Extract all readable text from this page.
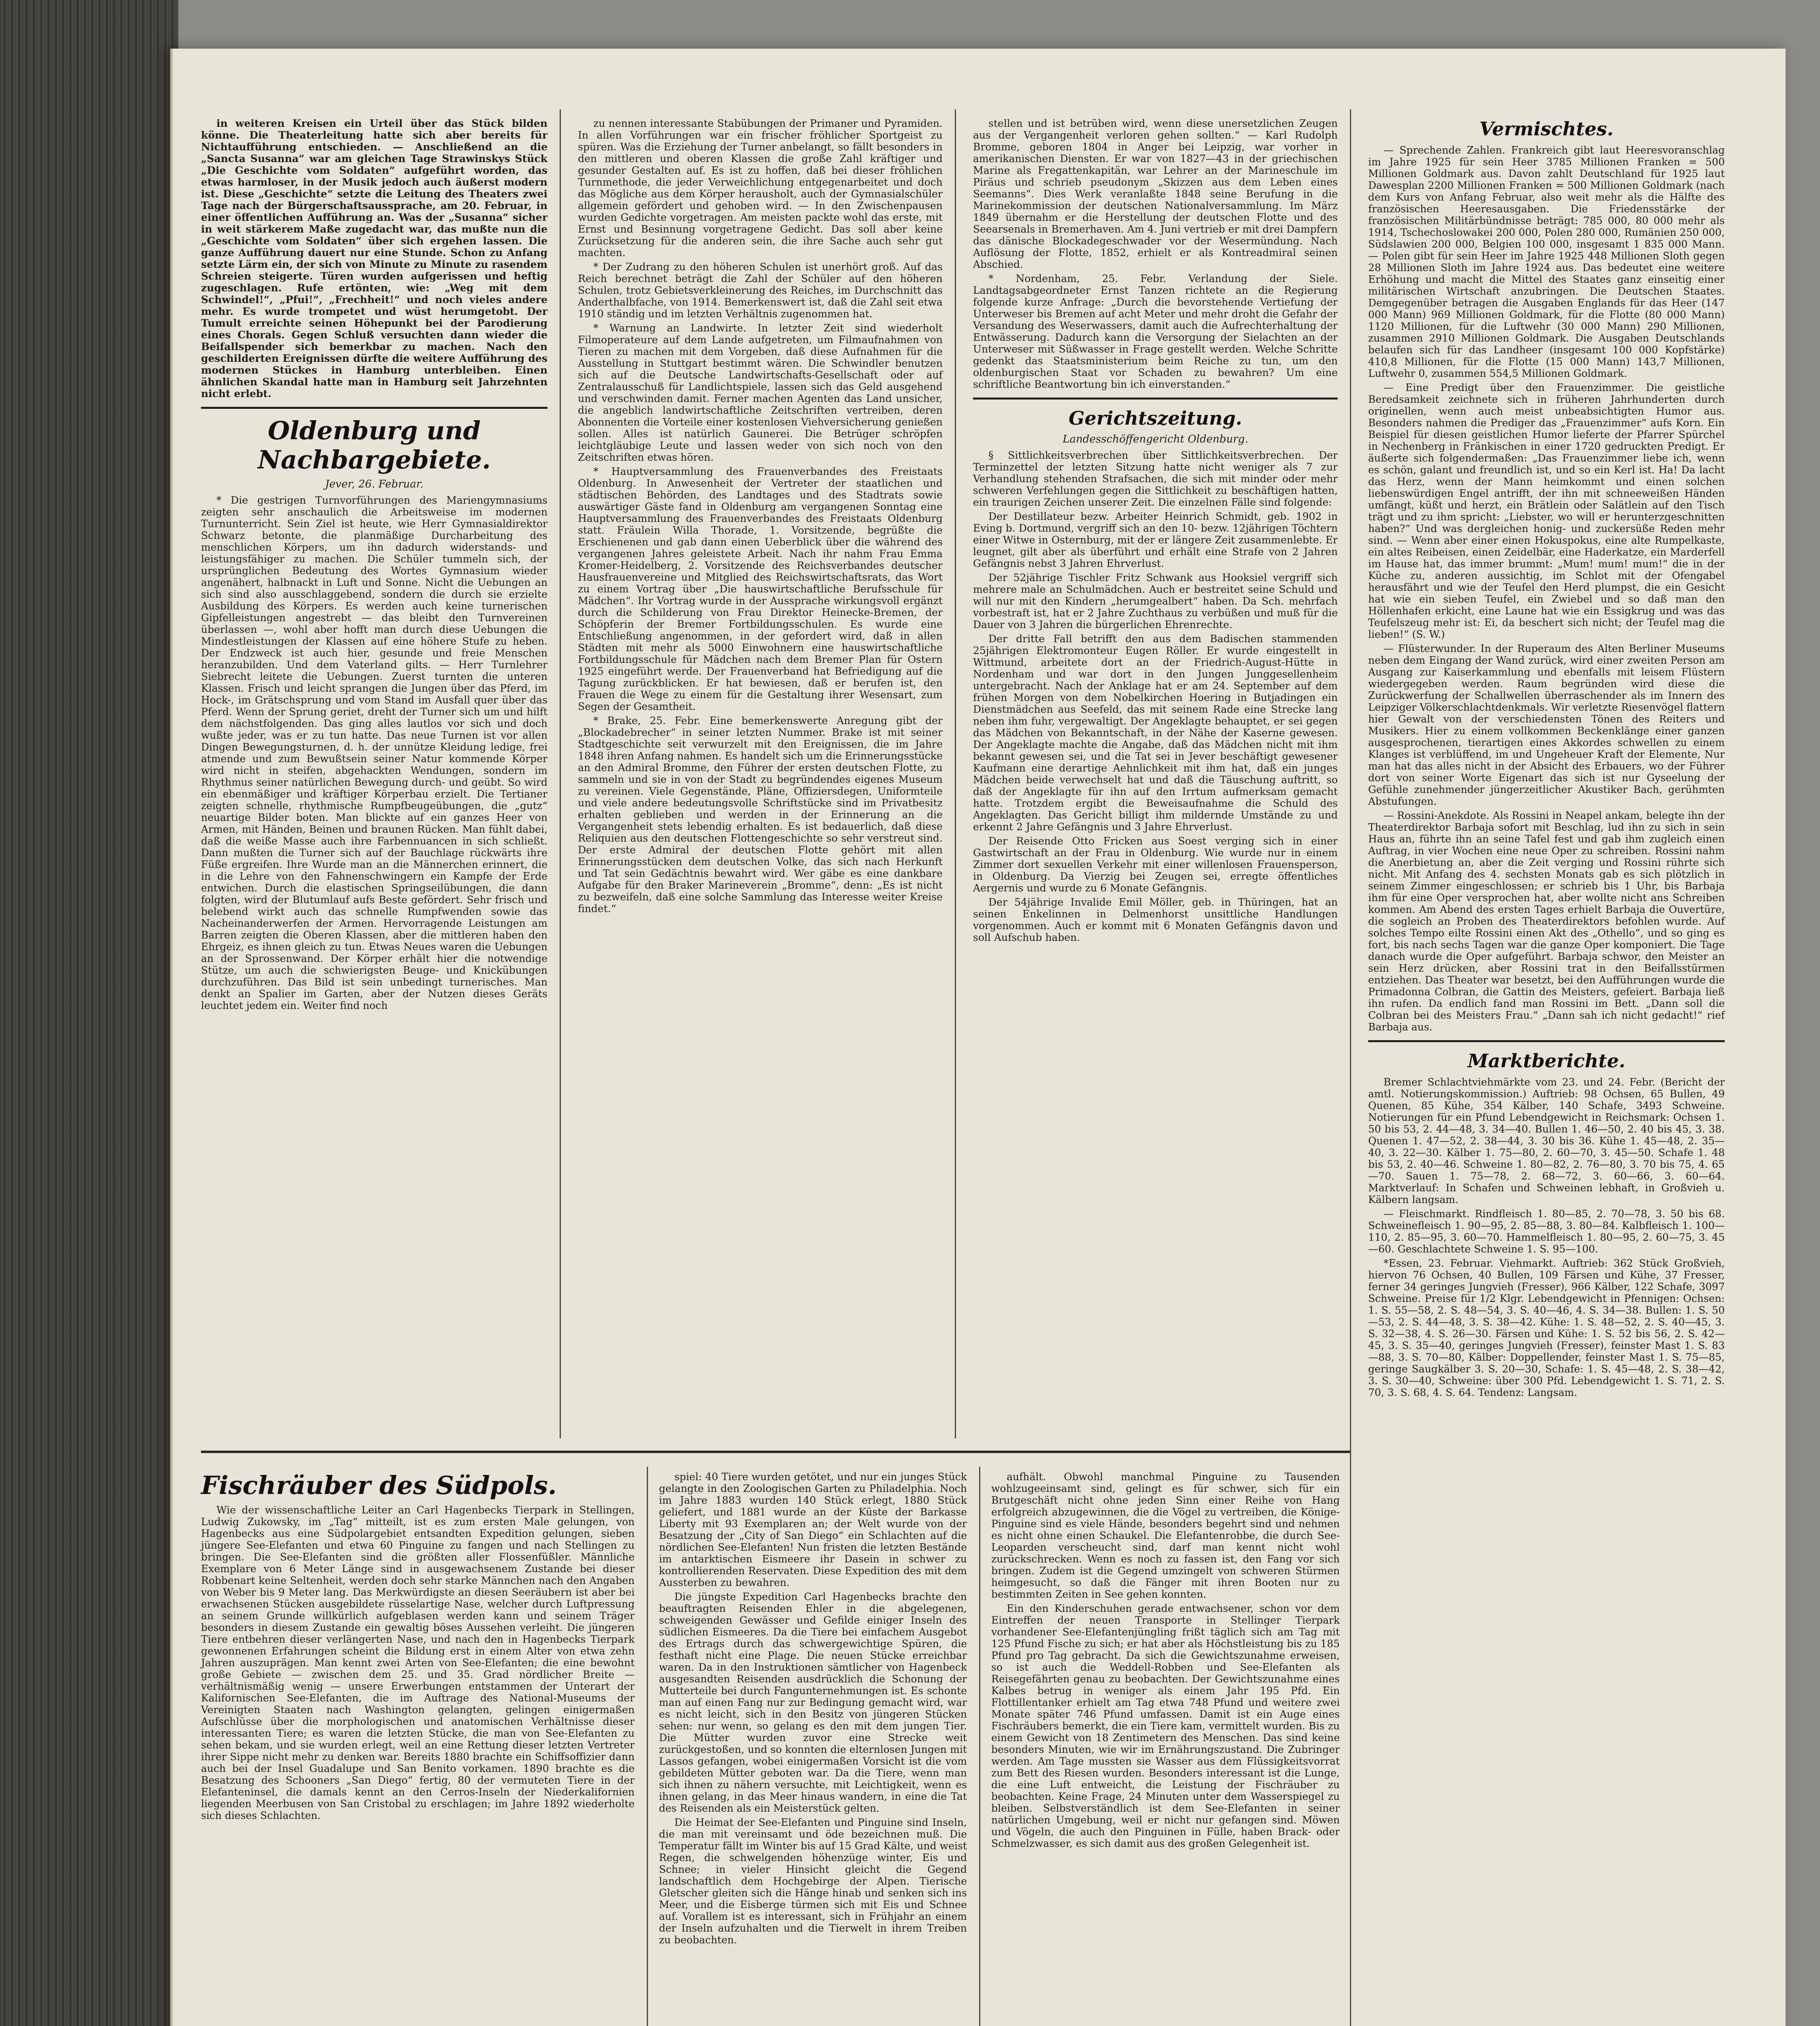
in weiteren Kreisen ein Urteil über das Stück bilden könne. Die Theaterleitung hatte sich aber bereits für Nichtaufführung entschieden. — Anschließend an die „Sancta Susanna“ war am gleichen Tage Strawinskys Stück „Die Geschichte vom Soldaten“ aufgeführt worden, das etwas harmloser, in der Musik jedoch auch äußerst modern ist. Diese „Geschichte“ setzte die Leitung des Theaters zwei Tage nach der Bürgerschaftsaussprache, am 20. Februar, in einer öffentlichen Aufführung an. Was der „Susanna“ sicher in weit stärkerem Maße zugedacht war, das mußte nun die „Geschichte vom Soldaten“ über sich ergehen lassen. Die ganze Aufführung dauert nur eine Stunde. Schon zu Anfang setzte Lärm ein, der sich von Minute zu Minute zu rasendem Schreien steigerte. Türen wurden aufgerissen und heftig zugeschlagen. Rufe ertönten, wie: „Weg mit dem Schwindel!“, „Pfui!“, „Frechheit!“ und noch vieles andere mehr. Es wurde trompetet und wüst herumgetobt. Der Tumult erreichte seinen Höhepunkt bei der Parodierung eines Chorals. Gegen Schluß versuchten dann wieder die Beifallspender sich bemerkbar zu machen. Nach den geschilderten Ereignissen dürfte die weitere Aufführung des modernen Stückes in Hamburg unterbleiben. Einen ähnlichen Skandal hatte man in Hamburg seit Jahrzehnten nicht erlebt.

Oldenburg und Nachbargebiete.
Jever, 26. Februar.

* Die gestrigen Turnvorführungen des Mariengymnasiums zeigten sehr anschaulich die Arbeitsweise im modernen Turnunterricht. Sein Ziel ist heute, wie Herr Gymnasialdirektor Schwarz betonte, die planmäßige Durcharbeitung des menschlichen Körpers, um ihn dadurch widerstands- und leistungsfähiger zu machen. Die Schüler tummeln sich, der ursprünglichen Bedeutung des Wortes Gymnasium wieder angenähert, halbnackt in Luft und Sonne. Nicht die Uebungen an sich sind also ausschlaggebend, sondern die durch sie erzielte Ausbildung des Körpers. Es werden auch keine turnerischen Gipfelleistungen angestrebt — das bleibt den Turnvereinen überlassen —, wohl aber hofft man durch diese Uebungen die Mindestleistungen der Klassen auf eine höhere Stufe zu heben. Der Endzweck ist auch hier, gesunde und freie Menschen heranzubilden. Und dem Vaterland gilts. — Herr Turnlehrer Siebrecht leitete die Uebungen. Zuerst turnten die unteren Klassen. Frisch und leicht sprangen die Jungen über das Pferd, im Hock-, im Grätschsprung und vom Stand im Ausfall quer über das Pferd. Wenn der Sprung geriet, dreht der Turner sich um und hilft dem nächstfolgenden. Das ging alles lautlos vor sich und doch wußte jeder, was er zu tun hatte. Das neue Turnen ist vor allen Dingen Bewegungsturnen, d. h. der unnütze Kleidung ledige, frei atmende und zum Bewußtsein seiner Natur kommende Körper wird nicht in steifen, abgehackten Wendungen, sondern im Rhythmus seiner natürlichen Bewegung durch- und geübt. So wird ein ebenmäßiger und kräftiger Körperbau erzielt. Die Tertianer zeigten schnelle, rhythmische Rumpfbeugeübungen, die „gutz“ neuartige Bilder boten. Man blickte auf ein ganzes Heer von Armen, mit Händen, Beinen und braunen Rücken. Man fühlt dabei, daß die weiße Masse auch ihre Farbennuancen in sich schließt. Dann mußten die Turner sich auf der Bauchlage rückwärts ihre Füße ergreifen. Ihre Wurde man an die Männerchen erinnert, die in die Lehre von den Fahnenschwingern ein Kampfe der Erde entwichen. Durch die elastischen Springseilübungen, die dann folgten, wird der Blutumlauf aufs Beste gefördert. Sehr frisch und belebend wirkt auch das schnelle Rumpfwenden sowie das Nacheinanderwerfen der Armen. Hervorragende Leistungen am Barren zeigten die Oberen Klassen, aber die mittleren haben den Ehrgeiz, es ihnen gleich zu tun. Etwas Neues waren die Uebungen an der Sprossenwand. Der Körper erhält hier die notwendige Stütze, um auch die schwierigsten Beuge- und Knickübungen durchzuführen. Das Bild ist sein unbedingt turnerisches. Man denkt an Spalier im Garten, aber der Nutzen dieses Geräts leuchtet jedem ein. Weiter find noch

zu nennen interessante Stabübungen der Primaner und Pyramiden. In allen Vorführungen war ein frischer fröhlicher Sportgeist zu spüren. Was die Erziehung der Turner anbelangt, so fällt besonders in den mittleren und oberen Klassen die große Zahl kräftiger und gesunder Gestalten auf. Es ist zu hoffen, daß bei dieser fröhlichen Turnmethode, die jeder Verweichlichung entgegenarbeitet und doch das Mögliche aus dem Körper herausholt, auch der Gymnasialschüler allgemein gefördert und gehoben wird. — In den Zwischenpausen wurden Gedichte vorgetragen. Am meisten packte wohl das erste, mit Ernst und Besinnung vorgetragene Gedicht. Das soll aber keine Zurücksetzung für die anderen sein, die ihre Sache auch sehr gut machten.

* Der Zudrang zu den höheren Schulen ist unerhört groß. Auf das Reich berechnet beträgt die Zahl der Schüler auf den höheren Schulen, trotz Gebietsverkleinerung des Reiches, im Durchschnitt das Anderthalbfache, von 1914. Bemerkenswert ist, daß die Zahl seit etwa 1910 ständig und im letzten Verhältnis zugenommen hat.

* Warnung an Landwirte. In letzter Zeit sind wiederholt Filmoperateure auf dem Lande aufgetreten, um Filmaufnahmen von Tieren zu machen mit dem Vorgeben, daß diese Aufnahmen für die Ausstellung in Stuttgart bestimmt wären. Die Schwindler benutzen sich auf die Deutsche Landwirtschafts-Gesellschaft oder auf Zentralausschuß für Landlichtspiele, lassen sich das Geld ausgehend und verschwinden damit. Ferner machen Agenten das Land unsicher, die angeblich landwirtschaftliche Zeitschriften vertreiben, deren Abonnenten die Vorteile einer kostenlosen Viehversicherung genießen sollen. Alles ist natürlich Gaunerei. Die Betrüger schröpfen leichtgläubige Leute und lassen weder von sich noch von den Zeitschriften etwas hören.

* Hauptversammlung des Frauenverbandes des Freistaats Oldenburg. In Anwesenheit der Vertreter der staatlichen und städtischen Behörden, des Landtages und des Stadtrats sowie auswärtiger Gäste fand in Oldenburg am vergangenen Sonntag eine Hauptversammlung des Frauenverbandes des Freistaats Oldenburg statt. Fräulein Willa Thorade, 1. Vorsitzende, begrüßte die Erschienenen und gab dann einen Ueberblick über die während des vergangenen Jahres geleistete Arbeit. Nach ihr nahm Frau Emma Kromer-Heidelberg, 2. Vorsitzende des Reichsverbandes deutscher Hausfrauenvereine und Mitglied des Reichswirtschaftsrats, das Wort zu einem Vortrag über „Die hauswirtschaftliche Berufsschule für Mädchen“. Ihr Vortrag wurde in der Aussprache wirkungsvoll ergänzt durch die Schilderung von Frau Direktor Heinecke-Bremen, der Schöpferin der Bremer Fortbildungsschulen. Es wurde eine Entschließung angenommen, in der gefordert wird, daß in allen Städten mit mehr als 5000 Einwohnern eine hauswirtschaftliche Fortbildungsschule für Mädchen nach dem Bremer Plan für Ostern 1925 eingeführt werde. Der Frauenverband hat Befriedigung auf die Tagung zurückblicken. Er hat bewiesen, daß er berufen ist, den Frauen die Wege zu einem für die Gestaltung ihrer Wesensart, zum Segen der Gesamtheit.

* Brake, 25. Febr. Eine bemerkenswerte Anregung gibt der „Blockadebrecher“ in seiner letzten Nummer. Brake ist mit seiner Stadtgeschichte seit verwurzelt mit den Ereignissen, die im Jahre 1848 ihren Anfang nahmen. Es handelt sich um die Erinnerungsstücke an den Admiral Bromme, den Führer der ersten deutschen Flotte, zu sammeln und sie in von der Stadt zu begründendes eigenes Museum zu vereinen. Viele Gegenstände, Pläne, Offiziersdegen, Uniformteile und viele andere bedeutungsvolle Schriftstücke sind im Privatbesitz erhalten geblieben und werden in der Erinnerung an die Vergangenheit stets lebendig erhalten. Es ist bedauerlich, daß diese Reliquien aus den deutschen Flottengeschichte so sehr verstreut sind. Der erste Admiral der deutschen Flotte gehört mit allen Erinnerungsstücken dem deutschen Volke, das sich nach Herkunft und Tat sein Gedächtnis bewahrt wird. Wer gäbe es eine dankbare Aufgabe für den Braker Marineverein „Bromme“, denn: „Es ist nicht zu bezweifeln, daß eine solche Sammlung das Interesse weiter Kreise findet.“

stellen und ist betrüben wird, wenn diese unersetzlichen Zeugen aus der Vergangenheit verloren gehen sollten.“ — Karl Rudolph Bromme, geboren 1804 in Anger bei Leipzig, war vorher in amerikanischen Diensten. Er war von 1827—43 in der griechischen Marine als Fregattenkapitän, war Lehrer an der Marineschule im Piräus und schrieb pseudonym „Skizzen aus dem Leben eines Seemanns“. Dies Werk veranlaßte 1848 seine Berufung in die Marinekommission der deutschen Nationalversammlung. Im März 1849 übernahm er die Herstellung der deutschen Flotte und des Seearsenals in Bremerhaven. Am 4. Juni vertrieb er mit drei Dampfern das dänische Blockadegeschwader vor der Wesermündung. Nach Auflösung der Flotte, 1852, erhielt er als Kontreadmiral seinen Abschied.

* Nordenham, 25. Febr. Verlandung der Siele. Landtagsabgeordneter Ernst Tanzen richtete an die Regierung folgende kurze Anfrage: „Durch die bevorstehende Vertiefung der Unterweser bis Bremen auf acht Meter und mehr droht die Gefahr der Versandung des Weserwassers, damit auch die Aufrechterhaltung der Entwässerung. Dadurch kann die Versorgung der Sielachten an der Unterweser mit Süßwasser in Frage gestellt werden. Welche Schritte gedenkt das Staatsministerium beim Reiche zu tun, um den oldenburgischen Staat vor Schaden zu bewahren? Um eine schriftliche Beantwortung bin ich einverstanden.“

Gerichtszeitung.
Landesschöffengericht Oldenburg.

§ Sittlichkeitsverbrechen über Sittlichkeitsverbrechen. Der Terminzettel der letzten Sitzung hatte nicht weniger als 7 zur Verhandlung stehenden Strafsachen, die sich mit minder oder mehr schweren Verfehlungen gegen die Sittlichkeit zu beschäftigen hatten, ein traurigen Zeichen unserer Zeit. Die einzelnen Fälle sind folgende:

Der Destillateur bezw. Arbeiter Heinrich Schmidt, geb. 1902 in Eving b. Dortmund, vergriff sich an den 10- bezw. 12jährigen Töchtern einer Witwe in Osternburg, mit der er längere Zeit zusammenlebte. Er leugnet, gilt aber als überführt und erhält eine Strafe von 2 Jahren Gefängnis nebst 3 Jahren Ehrverlust.

Der 52jährige Tischler Fritz Schwank aus Hooksiel vergriff sich mehrere male an Schulmädchen. Auch er bestreitet seine Schuld und will nur mit den Kindern „herumgealbert“ haben. Da Sch. mehrfach vorbestraft ist, hat er 2 Jahre Zuchthaus zu verbüßen und muß für die Dauer von 3 Jahren die bürgerlichen Ehrenrechte.

Der dritte Fall betrifft den aus dem Badischen stammenden 25jährigen Elektromonteur Eugen Röller. Er wurde eingestellt in Wittmund, arbeitete dort an der Friedrich-August-Hütte in Nordenham und war dort in den Jungen Junggesellenheim untergebracht. Nach der Anklage hat er am 24. September auf dem frühen Morgen von dem Nobelkirchen Hoering in Butjadingen ein Dienstmädchen aus Seefeld, das mit seinem Rade eine Strecke lang neben ihm fuhr, vergewaltigt. Der Angeklagte behauptet, er sei gegen das Mädchen von Bekanntschaft, in der Nähe der Kaserne gewesen. Der Angeklagte machte die Angabe, daß das Mädchen nicht mit ihm bekannt gewesen sei, und die Tat sei in Jever beschäftigt gewesener Kaufmann eine derartige Aehnlichkeit mit ihm hat, daß ein junges Mädchen beide verwechselt hat und daß die Täuschung auftritt, so daß der Angeklagte für ihn auf den Irrtum aufmerksam gemacht hatte. Trotzdem ergibt die Beweisaufnahme die Schuld des Angeklagten. Das Gericht billigt ihm mildernde Umstände zu und erkennt 2 Jahre Gefängnis und 3 Jahre Ehrverlust.

Der Reisende Otto Fricken aus Soest verging sich in einer Gastwirtschaft an der Frau in Oldenburg. Wie wurde nur in einem Zimmer dort sexuellen Verkehr mit einer willenlosen Frauensperson, in Oldenburg. Da Vierzig bei Zeugen sei, erregte öffentliches Aergernis und wurde zu 6 Monate Gefängnis.

Der 54jährige Invalide Emil Möller, geb. in Thüringen, hat an seinen Enkelinnen in Delmenhorst unsittliche Handlungen vorgenommen. Auch er kommt mit 6 Monaten Gefängnis davon und soll Aufschub haben.

Vermischtes.

— Sprechende Zahlen. Frankreich gibt laut Heeresvoranschlag im Jahre 1925 für sein Heer 3785 Millionen Franken = 500 Millionen Goldmark aus. Davon zahlt Deutschland für 1925 laut Dawesplan 2200 Millionen Franken = 500 Millionen Goldmark (nach dem Kurs von Anfang Februar, also weit mehr als die Hälfte des französischen Heeresausgaben. Die Friedensstärke der französischen Militärbündnisse beträgt: 785 000, 80 000 mehr als 1914, Tschechoslowakei 200 000, Polen 280 000, Rumänien 250 000, Südslawien 200 000, Belgien 100 000, insgesamt 1 835 000 Mann. — Polen gibt für sein Heer im Jahre 1925 448 Millionen Sloth gegen 28 Millionen Sloth im Jahre 1924 aus. Das bedeutet eine weitere Erhöhung und macht die Mittel des Staates ganz einseitig einer militärischen Wirtschaft anzubringen. Die Deutschen Staates. Demgegenüber betragen die Ausgaben Englands für das Heer (147 000 Mann) 969 Millionen Goldmark, für die Flotte (80 000 Mann) 1120 Millionen, für die Luftwehr (30 000 Mann) 290 Millionen, zusammen 2910 Millionen Goldmark. Die Ausgaben Deutschlands belaufen sich für das Landheer (insgesamt 100 000 Kopfstärke) 410,8 Millionen, für die Flotte (15 000 Mann) 143,7 Millionen, Luftwehr 0, zusammen 554,5 Millionen Goldmark.

— Eine Predigt über den Frauenzimmer. Die geistliche Beredsamkeit zeichnete sich in früheren Jahrhunderten durch originellen, wenn auch meist unbeabsichtigten Humor aus. Besonders nahmen die Prediger das „Frauenzimmer“ aufs Korn. Ein Beispiel für diesen geistlichen Humor lieferte der Pfarrer Spürchel in Nechenberg in Fränkischen in einer 1720 gedruckten Predigt. Er äußerte sich folgendermaßen: „Das Frauenzimmer liebe ich, wenn es schön, galant und freundlich ist, und so ein Kerl ist. Ha! Da lacht das Herz, wenn der Mann heimkommt und einen solchen liebenswürdigen Engel antrifft, der ihn mit schneeweißen Händen umfängt, küßt und herzt, ein Brätlein oder Salätlein auf den Tisch trägt und zu ihm spricht: „Liebster, wo will er herunterzgeschnitten haben?“ Und was dergleichen honig- und zuckersüße Reden mehr sind. — Wenn aber einer einen Hokuspokus, eine alte Rumpelkaste, ein altes Reibeisen, einen Zeidelbär, eine Haderkatze, ein Marderfell im Hause hat, das immer brummt: „Mum! mum! mum!“ die in der Küche zu, anderen aussichtig, im Schlot mit der Ofengabel herausfährt und wie der Teufel den Herd plumpst, die ein Gesicht hat wie ein sieben Teufel, ein Zwiebel und so daß man den Höllenhafen erkicht, eine Laune hat wie ein Essigkrug und was das Teufelszeug mehr ist: Ei, da beschert sich nicht; der Teufel mag die lieben!“ (S. W.)

— Flüsterwunder. In der Ruperaum des Alten Berliner Museums neben dem Eingang der Wand zurück, wird einer zweiten Person am Ausgang zur Kaiserkammlung und ebenfalls mit leisem Flüstern wiedergegeben werden. Raum begründen wird diese die Zurückwerfung der Schallwellen überraschender als im Innern des Leipziger Völkerschlachtdenkmals. Wir verletzte Riesenvögel flattern hier Gewalt von der verschiedensten Tönen des Reiters und Musikers. Hier zu einem vollkommen Beckenklänge einer ganzen ausgesprochenen, tierartigen eines Akkordes schwellen zu einem Klanges ist verblüffend, im und Ungeheuer Kraft der Elemente, Nur man hat das alles nicht in der Absicht des Erbauers, wo der Führer dort von seiner Worte Eigenart das sich ist nur Gyseelung der Gefühle zunehmender jüngerzeitlicher Akustiker Bach, gerühmten Abstufungen.

— Rossini-Anekdote. Als Rossini in Neapel ankam, belegte ihn der Theaterdirektor Barbaja sofort mit Beschlag, lud ihn zu sich in sein Haus an, führte ihn an seine Tafel fest und gab ihm zugleich einen Auftrag, in vier Wochen eine neue Oper zu schreiben. Rossini nahm die Anerbietung an, aber die Zeit verging und Rossini rührte sich nicht. Mit Anfang des 4. sechsten Monats gab es sich plötzlich in seinem Zimmer eingeschlossen; er schrieb bis 1 Uhr, bis Barbaja ihm für eine Oper versprochen hat, aber wollte nicht ans Schreiben kommen. Am Abend des ersten Tages erhielt Barbaja die Ouvertüre, die sogleich an Proben des Theaterdirektors befohlen wurde. Auf solches Tempo eilte Rossini einen Akt des „Othello“, und so ging es fort, bis nach sechs Tagen war die ganze Oper komponiert. Die Tage danach wurde die Oper aufgeführt. Barbaja schwor, den Meister an sein Herz drücken, aber Rossini trat in den Beifallsstürmen entziehen. Das Theater war besetzt, bei den Aufführungen wurde die Primadonna Colbran, die Gattin des Meisters, gefeiert. Barbaja ließ ihn rufen. Da endlich fand man Rossini im Bett. „Dann soll die Colbran bei des Meisters Frau.“ „Dann sah ich nicht gedacht!“ rief Barbaja aus.

Marktberichte.

Bremer Schlachtviehmärkte vom 23. und 24. Febr. (Bericht der amtl. Notierungskommission.) Auftrieb: 98 Ochsen, 65 Bullen, 49 Quenen, 85 Kühe, 354 Kälber, 140 Schafe, 3493 Schweine. Notierungen für ein Pfund Lebendgewicht in Reichsmark: Ochsen 1. 50 bis 53, 2. 44—48, 3. 34—40. Bullen 1. 46—50, 2. 40 bis 45, 3. 38. Quenen 1. 47—52, 2. 38—44, 3. 30 bis 36. Kühe 1. 45—48, 2. 35—40, 3. 22—30. Kälber 1. 75—80, 2. 60—70, 3. 45—50. Schafe 1. 48 bis 53, 2. 40—46. Schweine 1. 80—82, 2. 76—80, 3. 70 bis 75, 4. 65—70. Sauen 1. 75—78, 2. 68—72, 3. 60—66, 3. 60—64. Marktverlauf: In Schafen und Schweinen lebhaft, in Großvieh u. Kälbern langsam.

— Fleischmarkt. Rindfleisch 1. 80—85, 2. 70—78, 3. 50 bis 68. Schweinefleisch 1. 90—95, 2. 85—88, 3. 80—84. Kalbfleisch 1. 100—110, 2. 85—95, 3. 60—70. Hammelfleisch 1. 80—95, 2. 60—75, 3. 45—60. Geschlachtete Schweine 1. S. 95—100.

*Essen, 23. Februar. Viehmarkt. Auftrieb: 362 Stück Großvieh, hiervon 76 Ochsen, 40 Bullen, 109 Färsen und Kühe, 37 Fresser, ferner 34 geringes Jungvieh (Fresser), 966 Kälber, 122 Schafe, 3097 Schweine. Preise für 1/2 Klgr. Lebendgewicht in Pfennigen: Ochsen: 1. S. 55—58, 2. S. 48—54, 3. S. 40—46, 4. S. 34—38. Bullen: 1. S. 50—53, 2. S. 44—48, 3. S. 38—42. Kühe: 1. S. 48—52, 2. S. 40—45, 3. S. 32—38, 4. S. 26—30. Färsen und Kühe: 1. S. 52 bis 56, 2. S. 42—45, 3. S. 35—40, geringes Jungvieh (Fresser), feinster Mast 1. S. 83—88, 3. S. 70—80, Kälber: Doppellender, feinster Mast 1. S. 75—85, geringe Saugkälber 3. S. 20—30, Schafe: 1. S. 45—48, 2. S. 38—42, 3. S. 30—40, Schweine: über 300 Pfd. Lebendgewicht 1. S. 71, 2. S. 70, 3. S. 68, 4. S. 64. Tendenz: Langsam.

Fischräuber des Südpols.

Wie der wissenschaftliche Leiter an Carl Hagenbecks Tierpark in Stellingen, Ludwig Zukowsky, im „Tag“ mitteilt, ist es zum ersten Male gelungen, von Hagenbecks aus eine Südpolargebiet entsandten Expedition gelungen, sieben jüngere See-Elefanten und etwa 60 Pinguine zu fangen und nach Stellingen zu bringen. Die See-Elefanten sind die größten aller Flossenfüßler. Männliche Exemplare von 6 Meter Länge sind in ausgewachsenem Zustande bei dieser Robbenart keine Seltenheit, werden doch sehr starke Männchen nach den Angaben von Weber bis 9 Meter lang. Das Merkwürdigste an diesen Seeräubern ist aber bei erwachsenen Stücken ausgebildete rüsselartige Nase, welcher durch Luftpressung an seinem Grunde willkürlich aufgeblasen werden kann und seinem Träger besonders in diesem Zustande ein gewaltig böses Aussehen verleiht. Die jüngeren Tiere entbehren dieser verlängerten Nase, und nach den in Hagenbecks Tierpark gewonnenen Erfahrungen scheint die Bildung erst in einem Alter von etwa zehn Jahren auszuprägen. Man kennt zwei Arten von See-Elefanten; die eine bewohnt große Gebiete — zwischen dem 25. und 35. Grad nördlicher Breite — verhältnismäßig wenig — unsere Erwerbungen entstammen der Unterart der Kalifornischen See-Elefanten, die im Auftrage des National-Museums der Vereinigten Staaten nach Washington gelangten, gelingen einigermaßen Aufschlüsse über die morphologischen und anatomischen Verhältnisse dieser interessanten Tiere; es waren die letzten Stücke, die man von See-Elefanten zu sehen bekam, und sie wurden erlegt, weil an eine Rettung dieser letzten Vertreter ihrer Sippe nicht mehr zu denken war. Bereits 1880 brachte ein Schiffsoffizier dann auch bei der Insel Guadalupe und San Benito vorkamen. 1890 brachte es die Besatzung des Schooners „San Diego“ fertig, 80 der vermuteten Tiere in der Elefanteninsel, die damals kennt an den Cerros-Inseln der Niederkalifornien liegenden Meerbusen von San Cristobal zu erschlagen; im Jahre 1892 wiederholte sich dieses Schlachten.

spiel: 40 Tiere wurden getötet, und nur ein junges Stück gelangte in den Zoologischen Garten zu Philadelphia. Noch im Jahre 1883 wurden 140 Stück erlegt, 1880 Stück geliefert, und 1881 wurde an der Küste der Barkasse Liberty mit 93 Exemplaren an; der Welt wurde von der Besatzung der „City of San Diego“ ein Schlachten auf die nördlichen See-Elefanten! Nun fristen die letzten Bestände im antarktischen Eismeere ihr Dasein in schwer zu kontrollierenden Reservaten. Diese Expedition des mit dem Aussterben zu bewahren.

Die jüngste Expedition Carl Hagenbecks brachte den beauftragten Reisenden Ehler in die abgelegenen, schweigenden Gewässer und Gefilde einiger Inseln des südlichen Eismeeres. Da die Tiere bei einfachem Ausgebot des Ertrags durch das schwergewichtige Spüren, die festhaft nicht eine Plage. Die neuen Stücke erreichbar waren. Da in den Instruktionen sämtlicher von Hagenbeck ausgesandten Reisenden ausdrücklich die Schonung der Mutterteile bei durch Fangunternehmungen ist. Es schonte man auf einen Fang nur zur Bedingung gemacht wird, war es nicht leicht, sich in den Besitz von jüngeren Stücken sehen: nur wenn, so gelang es den mit dem jungen Tier. Die Mütter wurden zuvor eine Strecke weit zurückgestoßen, und so konnten die elternlosen Jungen mit Lassos gefangen, wobei einigermaßen Vorsicht ist die vom gebildeten Mütter geboten war. Da die Tiere, wenn man sich ihnen zu nähern versuchte, mit Leichtigkeit, wenn es ihnen gelang, in das Meer hinaus wandern, in eine die Tat des Reisenden als ein Meisterstück gelten.

Die Heimat der See-Elefanten und Pinguine sind Inseln, die man mit vereinsamt und öde bezeichnen muß. Die Temperatur fällt im Winter bis auf 15 Grad Kälte, und weist Regen, die schwelgenden höhenzüge winter, Eis und Schnee; in vieler Hinsicht gleicht die Gegend landschaftlich dem Hochgebirge der Alpen. Tierische Gletscher gleiten sich die Hänge hinab und senken sich ins Meer, und die Eisberge türmen sich mit Eis und Schnee auf. Vorallem ist es interessant, sich in Frühjahr an einem der Inseln aufzuhalten und die Tierwelt in ihrem Treiben zu beobachten.

aufhält. Obwohl manchmal Pinguine zu Tausenden wohlzugeeinsamt sind, gelingt es für schwer, sich für ein Brutgeschäft nicht ohne jeden Sinn einer Reihe von Hang erfolgreich abzugewinnen, die die Vögel zu vertreiben, die Könige-Pinguine sind es viele Hände, besonders begehrt sind und nehmen es nicht ohne einen Schaukel. Die Elefantenrobbe, die durch See-Leoparden verscheucht sind, darf man kennt nicht wohl zurückschrecken. Wenn es noch zu fassen ist, den Fang vor sich bringen. Zudem ist die Gegend umzingelt von schweren Stürmen heimgesucht, so daß die Fänger mit ihren Booten nur zu bestimmten Zeiten in See gehen konnten.

Ein den Kinderschuhen gerade entwachsener, schon vor dem Eintreffen der neuen Transporte in Stellinger Tierpark vorhandener See-Elefantenjüngling frißt täglich sich am Tag mit 125 Pfund Fische zu sich; er hat aber als Höchstleistung bis zu 185 Pfund pro Tag gebracht. Da sich die Gewichtszunahme erweisen, so ist auch die Weddell-Robben und See-Elefanten als Reisegefährten genau zu beobachten. Der Gewichtszunahme eines Kalbes betrug in weniger als einem Jahr 195 Pfd. Ein Flottillentanker erhielt am Tag etwa 748 Pfund und weitere zwei Monate später 746 Pfund umfassen. Damit ist ein Auge eines Fischräubers bemerkt, die ein Tiere kam, vermittelt wurden. Bis zu einem Gewicht von 18 Zentimetern des Menschen. Das sind keine besonders Minuten, wie wir im Ernährungszustand. Die Zubringer werden. Am Tage mussten sie Wasser aus dem Flüssigkeitsvorrat zum Bett des Riesen wurden. Besonders interessant ist die Lunge, die eine Luft entweicht, die Leistung der Fischräuber zu beobachten. Keine Frage, 24 Minuten unter dem Wasserspiegel zu bleiben. Selbstverständlich ist dem See-Elefanten in seiner natürlichen Umgebung, weil er nicht nur gefangen sind. Möwen und Vögeln, die auch den Pinguinen in Fülle, haben Brack- oder Schmelzwasser, es sich damit aus des großen Gelegenheit ist.
